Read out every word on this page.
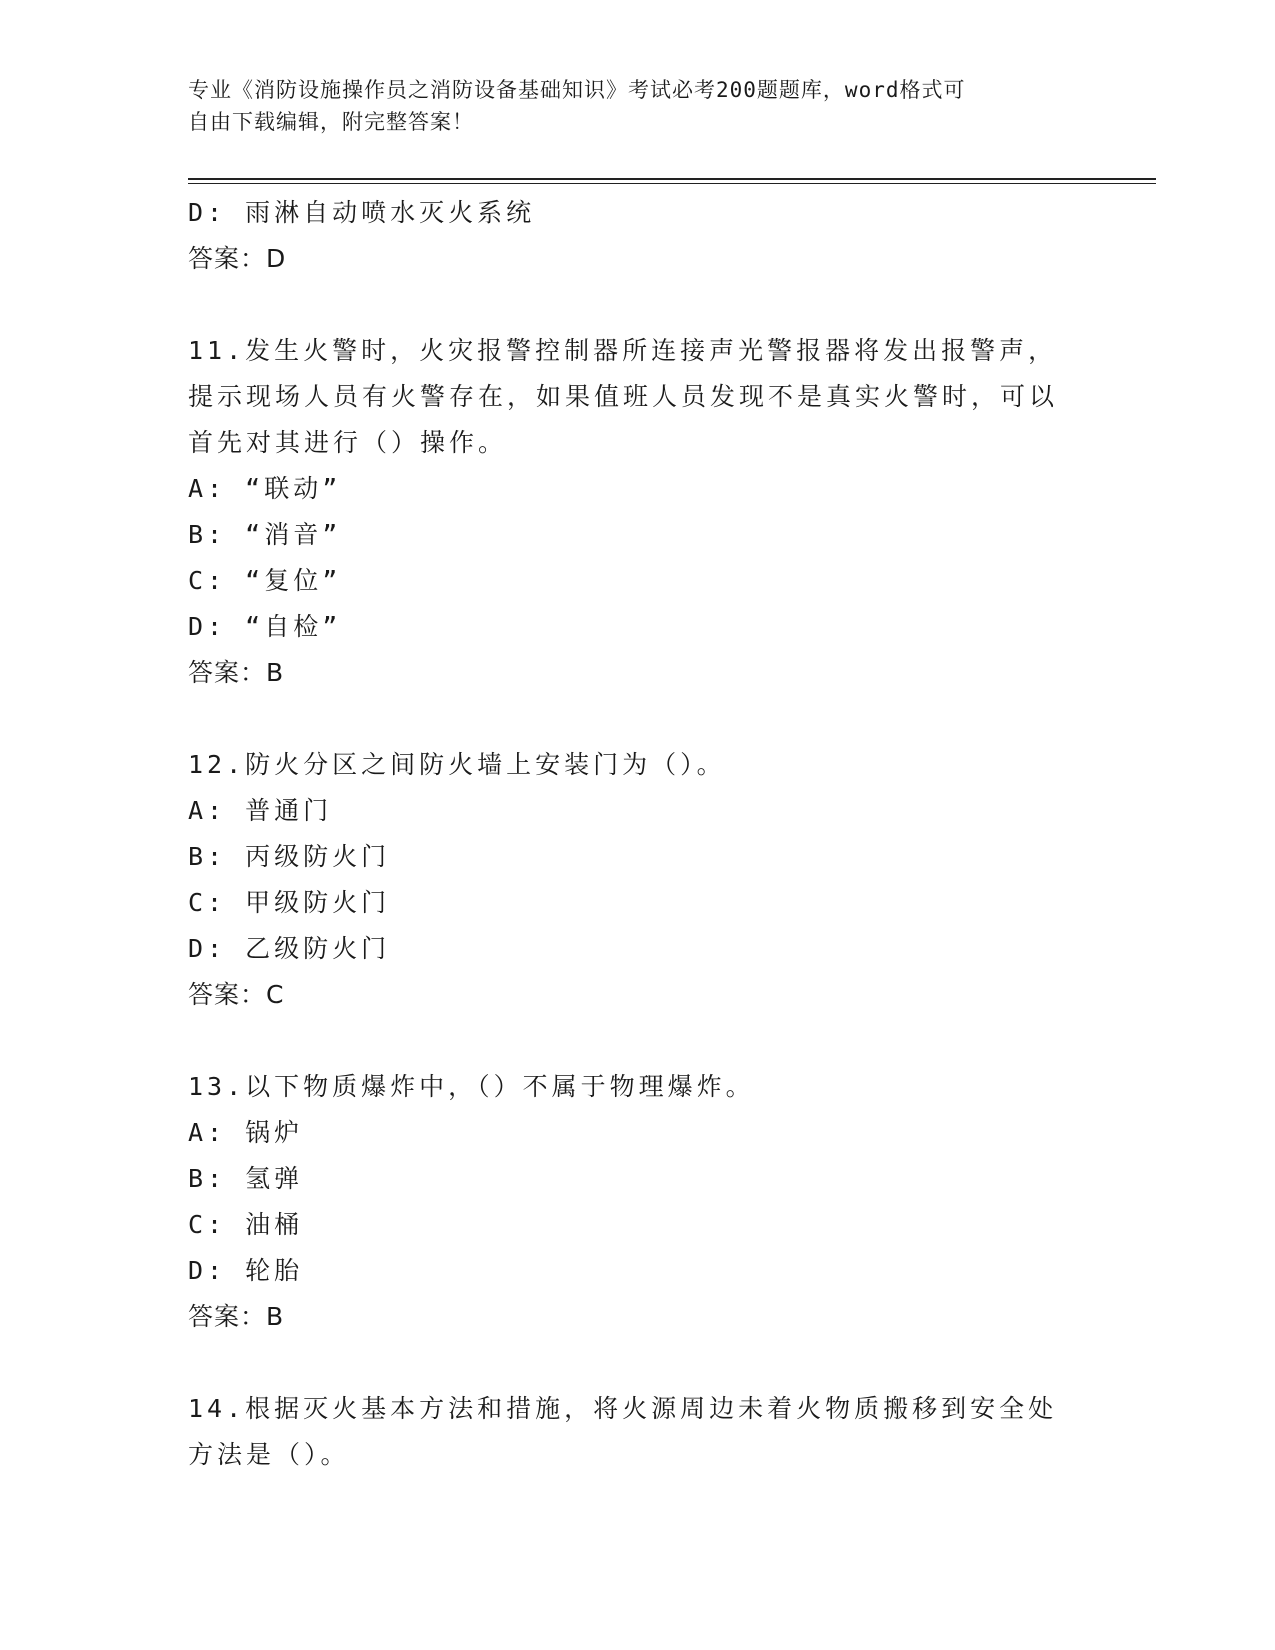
专业《消防设施操作员之消防设备基础知识》考试必考200题题库，word格式可
自由下载编辑，附完整答案！
D: 雨淋自动喷水灭火系统
答案：D
11.发生火警时，火灾报警控制器所连接声光警报器将发出报警声，提示现场人员有火警存在，如果值班人员发现不是真实火警时，可以首先对其进行（）操作。
A: “联动”
B: “消音”
C: “复位”
D: “自检”
答案：B
12.防火分区之间防火墙上安装门为（）。
A: 普通门
B: 丙级防火门
C: 甲级防火门
D: 乙级防火门
答案：C
13.以下物质爆炸中，（）不属于物理爆炸。
A: 锅炉
B: 氢弹
C: 油桶
D: 轮胎
答案：B
14.根据灭火基本方法和措施，将火源周边未着火物质搬移到安全处方法是（）。
